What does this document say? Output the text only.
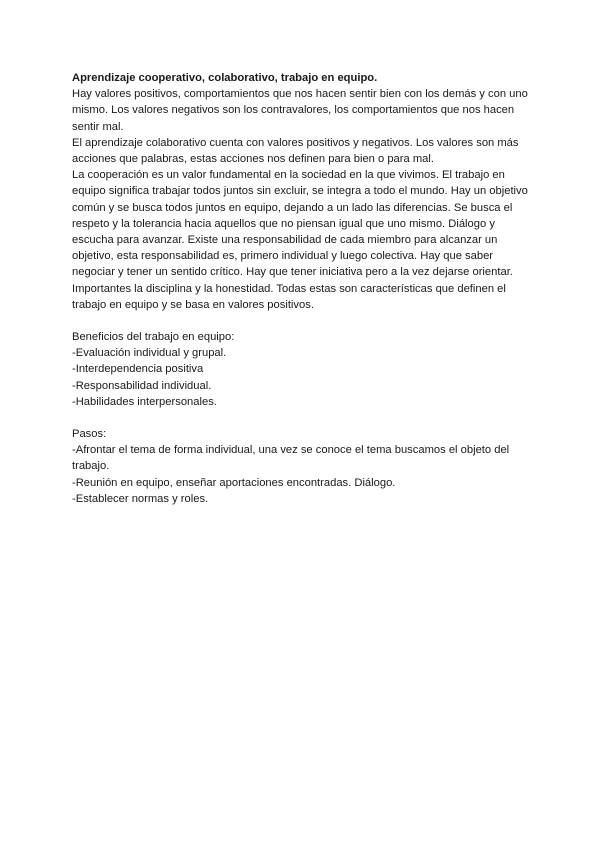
Aprendizaje cooperativo, colaborativo, trabajo en equipo.

Hay valores positivos, comportamientos que nos hacen sentir bien con los demás y con uno mismo. Los valores negativos son los contravalores, los comportamientos que nos hacen sentir mal.

El aprendizaje colaborativo cuenta con valores positivos y negativos. Los valores son más acciones que palabras, estas acciones nos definen para bien o para mal.

La cooperación es un valor fundamental en la sociedad en la que vivimos. El trabajo en equipo significa trabajar todos juntos sin excluir, se integra a todo el mundo. Hay un objetivo común y se busca todos juntos en equipo, dejando a un lado las diferencias. Se busca el respeto y la tolerancia hacia aquellos que no piensan igual que uno mismo. Diálogo y escucha para avanzar. Existe una responsabilidad de cada miembro para alcanzar un objetivo, esta responsabilidad es, primero individual y luego colectiva. Hay que saber negociar y tener un sentido crítico. Hay que tener iniciativa pero a la vez dejarse orientar. Importantes la disciplina y la honestidad. Todas estas son características que definen el trabajo en equipo y se basa en valores positivos.

Beneficios del trabajo en equipo:

-Evaluación individual y grupal.
-Interdependencia positiva
-Responsabilidad individual.
-Habilidades interpersonales.

Pasos:

-Afrontar el tema de forma individual, una vez se conoce el tema buscamos el objeto del trabajo.
-Reunión en equipo, enseñar aportaciones encontradas. Diálogo.
-Establecer normas y roles.
